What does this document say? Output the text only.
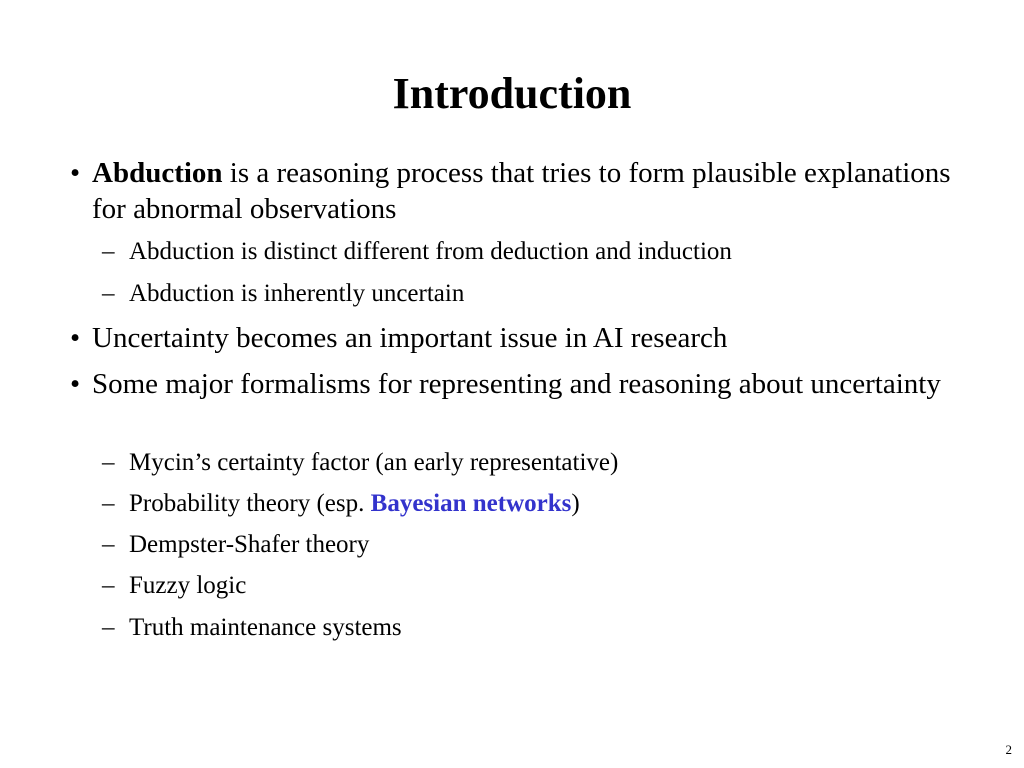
Introduction
• Abduction is a reasoning process that tries to form plausible explanations for abnormal observations
– Abduction is distinct different from deduction and induction
– Abduction is inherently uncertain
• Uncertainty becomes an important issue in AI research
• Some major formalisms for representing and reasoning about uncertainty
– Mycin’s certainty factor (an early representative)
– Probability theory (esp. Bayesian networks)
– Dempster-Shafer theory
– Fuzzy logic
– Truth maintenance systems
2
